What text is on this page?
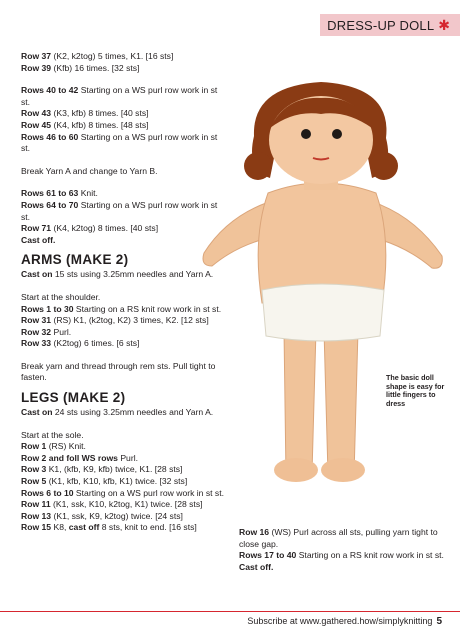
DRESS-UP DOLL ✱

Row 37 (K2, k2tog) 5 times, K1. [16 sts]

Row 39 (Kfb) 16 times. [32 sts]

Rows 40 to 42 Starting on a WS purl row work in st st.

Row 43 (K3, kfb) 8 times. [40 sts]

Row 45 (K4, kfb) 8 times. [48 sts]

Rows 46 to 60 Starting on a WS purl row work in st st.

Break Yarn A and change to Yarn B.

Rows 61 to 63 Knit.

Rows 64 to 70 Starting on a WS purl row work in st st.

Row 71 (K4, k2tog) 8 times. [40 sts]

Cast off.

ARMS (MAKE 2)

Cast on 15 sts using 3.25mm needles and Yarn A.

Start at the shoulder.

Rows 1 to 30 Starting on a RS knit row work in st st.

Row 31 (RS) K1, (k2tog, K2) 3 times, K2. [12 sts]

Row 32 Purl.

Row 33 (K2tog) 6 times. [6 sts]

Break yarn and thread through rem sts. Pull tight to fasten.

LEGS (MAKE 2)

Cast on 24 sts using 3.25mm needles and Yarn A.

Start at the sole.

Row 1 (RS) Knit.

Row 2 and foll WS rows Purl.

Row 3 K1, (kfb, K9, kfb) twice, K1. [28 sts]

Row 5 (K1, kfb, K10, kfb, K1) twice. [32 sts]

Rows 6 to 10 Starting on a WS purl row work in st st.

Row 11 (K1, ssk, K10, k2tog, K1) twice. [28 sts]

Row 13 (K1, ssk, K9, k2tog) twice. [24 sts]

Row 15 K8, cast off 8 sts, knit to end. [16 sts]

The basic doll shape is easy for little fingers to dress

Row 16 (WS) Purl across all sts, pulling yarn tight to close gap.

Rows 17 to 40 Starting on a RS knit row work in st st.

Cast off.

Subscribe at www.gathered.how/simplyknitting 5
